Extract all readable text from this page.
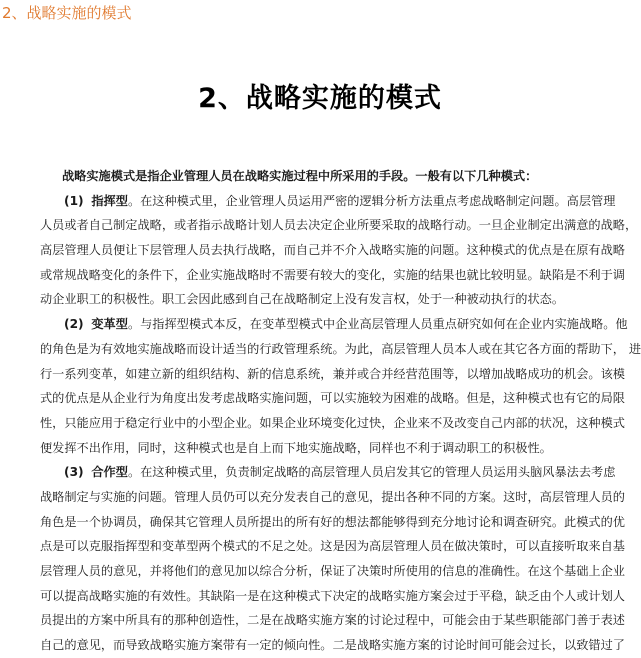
2、战略实施的模式
2、战略实施的模式
战略实施模式是指企业管理人员在战略实施过程中所采用的手段。一般有以下几种模式：
(1) 指挥型。在这种模式里，企业管理人员运用严密的逻辑分析方法重点考虑战略制定问题。高层管理
人员或者自己制定战略，或者指示战略计划人员去决定企业所要采取的战略行动。一旦企业制定出满意的战略，
高层管理人员便让下层管理人员去执行战略，而自己并不介入战略实施的问题。这种模式的优点是在原有战略
或常规战略变化的条件下，企业实施战略时不需要有较大的变化，实施的结果也就比较明显。缺陷是不利于调
动企业职工的积极性。职工会因此感到自己在战略制定上没有发言权，处于一种被动执行的状态。
(2) 变革型。与指挥型模式本反，在变革型模式中企业高层管理人员重点研究如何在企业内实施战略。他
的角色是为有效地实施战略而设计适当的行政管理系统。为此，高层管理人员本人或在其它各方面的帮助下， 进
行一系列变革，如建立新的组织结构、新的信息系统，兼并或合并经营范围等，以增加战略成功的机会。该模
式的优点是从企业行为角度出发考虑战略实施问题，可以实施较为困难的战略。但是，这种模式也有它的局限
性，只能应用于稳定行业中的小型企业。如果企业环境变化过快，企业来不及改变自己内部的状况，这种模式
便发挥不出作用，同时，这种模式也是自上而下地实施战略，同样也不利于调动职工的积极性。
(3) 合作型。在这种模式里，负责制定战略的高层管理人员启发其它的管理人员运用头脑风暴法去考虑
战略制定与实施的问题。管理人员仍可以充分发表自己的意见，提出各种不同的方案。这时，高层管理人员的
角色是一个协调员，确保其它管理人员所提出的所有好的想法都能够得到充分地讨论和调查研究。此模式的优
点是可以克服指挥型和变革型两个模式的不足之处。这是因为高层管理人员在做决策时，可以直接听取来自基
层管理人员的意见，并将他们的意见加以综合分析，保证了决策时所使用的信息的准确性。在这个基础上企业
可以提高战略实施的有效性。其缺陷一是在这种模式下决定的战略实施方案会过于平稳，缺乏由个人或计划人
员提出的方案中所具有的那种创造性，二是在战略实施方案的讨论过程中，可能会由于某些职能部门善于表述
自己的意见，而导致战略实施方案带有一定的倾向性。二是战略实施方案的讨论时间可能会过长，以致错过了
